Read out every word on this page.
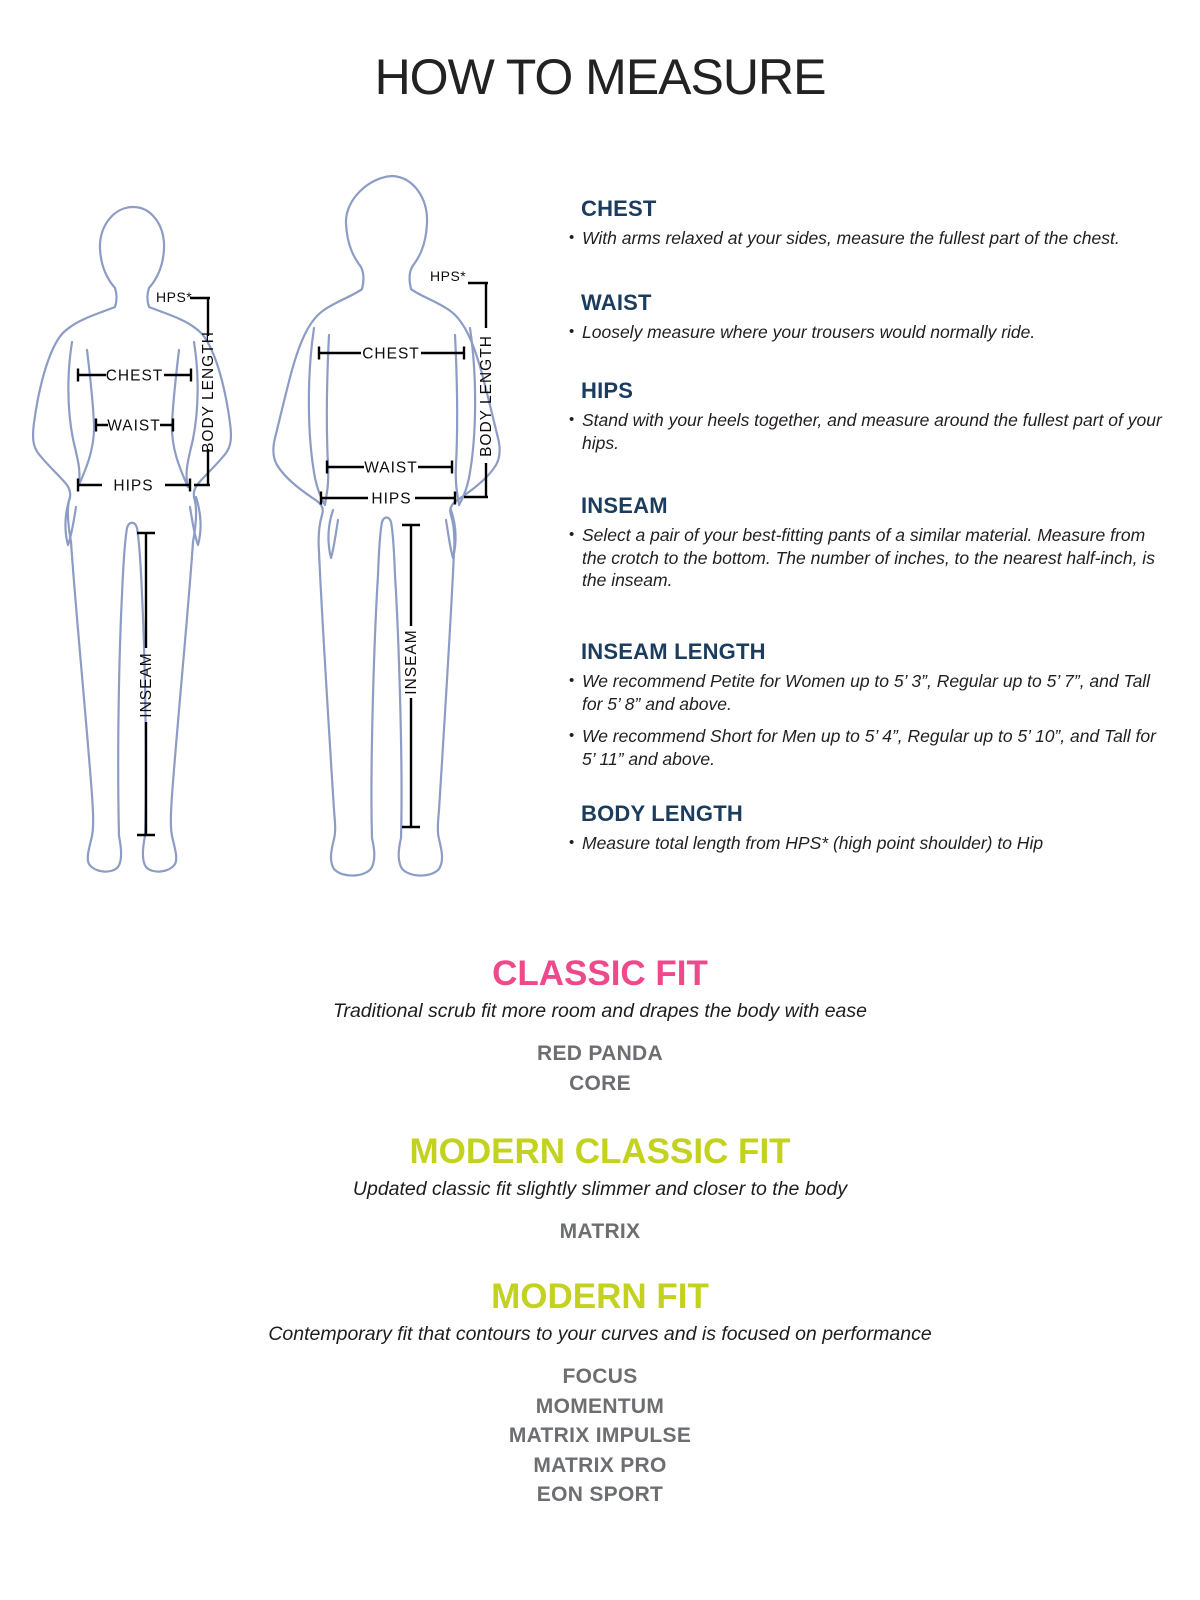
HOW TO MEASURE
HPS*
BODY LENGTH
CHEST
WAIST
HIPS
INSEAM
HPS*
BODY LENGTH
CHEST
WAIST
HIPS
INSEAM
CHEST
• With arms relaxed at your sides, measure the fullest part of the chest.
WAIST
• Loosely measure where your trousers would normally ride.
HIPS
• Stand with your heels together, and measure around the fullest part of your hips.
INSEAM
• Select a pair of your best-fitting pants of a similar material. Measure from the crotch to the bottom. The number of inches, to the nearest half-inch, is the inseam.
INSEAM LENGTH
• We recommend Petite for Women up to 5’ 3”, Regular up to 5’ 7”, and Tall for 5’ 8” and above.
• We recommend Short for Men up to 5’ 4”, Regular up to 5’ 10”, and Tall for 5’ 11” and above.
BODY LENGTH
• Measure total length from HPS* (high point shoulder) to Hip
CLASSIC FIT
Traditional scrub fit more room and drapes the body with ease
RED PANDA
CORE
MODERN CLASSIC FIT
Updated classic fit slightly slimmer and closer to the body
MATRIX
MODERN FIT
Contemporary fit that contours to your curves and is focused on performance
FOCUS
MOMENTUM
MATRIX IMPULSE
MATRIX PRO
EON SPORT
